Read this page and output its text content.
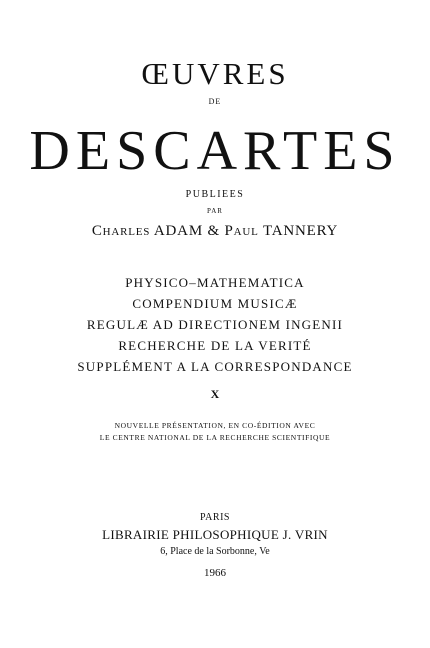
ŒUVRES
DE
DESCARTES
PUBLIEES
PAR
Charles ADAM & Paul TANNERY
PHYSICO–MATHEMATICA
COMPENDIUM MUSICÆ
REGULÆ AD DIRECTIONEM INGENII
RECHERCHE DE LA VERITÉ
SUPPLÉMENT A LA CORRESPONDANCE
X
NOUVELLE PRÉSENTATION, EN CO-ÉDITION AVEC
LE CENTRE NATIONAL DE LA RECHERCHE SCIENTIFIQUE
PARIS
LIBRAIRIE PHILOSOPHIQUE J. VRIN
6, Place de la Sorbonne, Ve
1966
